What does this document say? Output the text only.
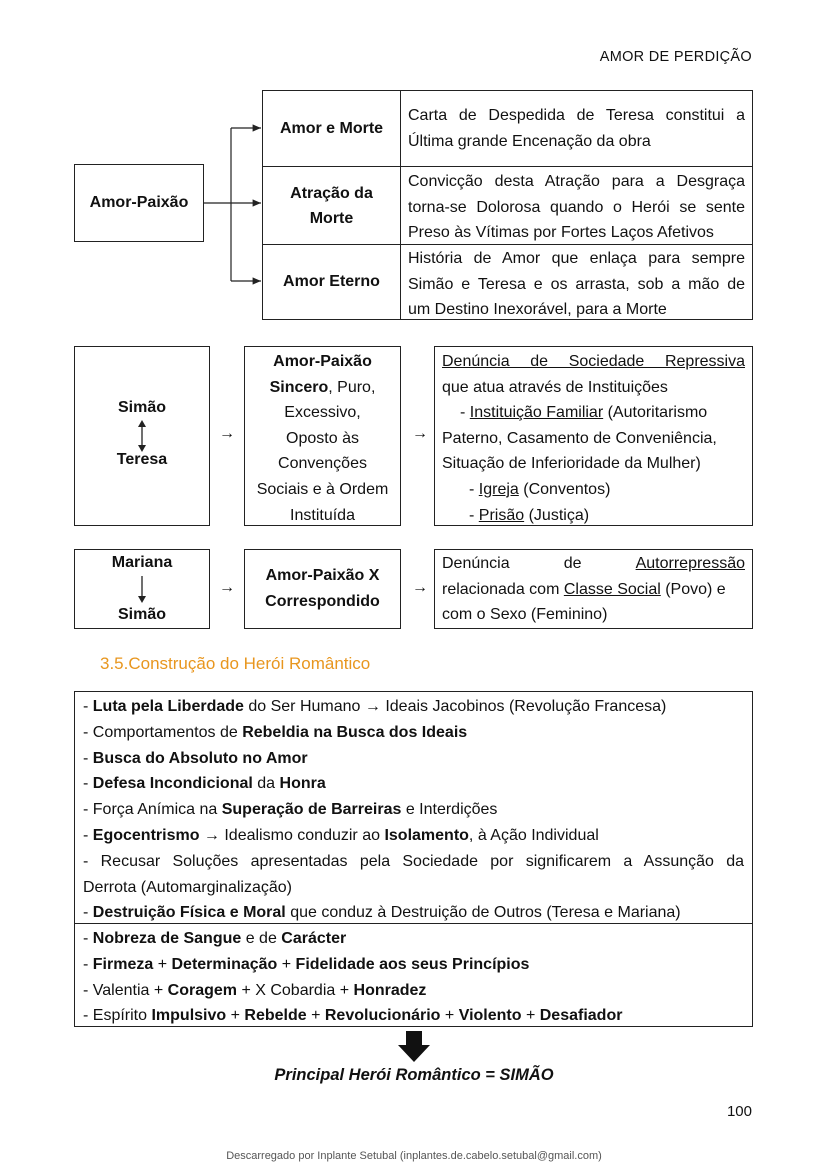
AMOR DE PERDIÇÃO
Amor-Paixão
Amor e Morte
Carta de Despedida de Teresa constitui a
Última grande Encenação da obra
Atração da
Morte
Convicção desta Atração para a Desgraça
torna-se Dolorosa quando o Herói se sente
Preso às Vítimas por Fortes Laços Afetivos
Amor Eterno
História de Amor que enlaça para sempre
Simão e Teresa e os arrasta, sob a mão de
um Destino Inexorável, para a Morte
Simão
Teresa
→
Amor-Paixão
Sincero, Puro,
Excessivo,
Oposto às
Convenções
Sociais e à Ordem
Instituída
→
Denúncia de Sociedade Repressiva
que atua através de Instituições
- Instituição Familiar (Autoritarismo
Paterno, Casamento de Conveniência,
Situação de Inferioridade da Mulher)
- Igreja (Conventos)
- Prisão (Justiça)
Mariana
Simão
→
Amor-Paixão X
Correspondido
→
Denúncia	de	Autorrepressão
relacionada com Classe Social (Povo) e
com o Sexo (Feminino)
3.5.Construção do Herói Romântico
- Luta pela Liberdade do Ser Humano → Ideais Jacobinos (Revolução Francesa)
- Comportamentos de Rebeldia na Busca dos Ideais
- Busca do Absoluto no Amor
- Defesa Incondicional da Honra
- Força Anímica na Superação de Barreiras e Interdições
- Egocentrismo → Idealismo conduzir ao Isolamento, à Ação Individual
- Recusar Soluções apresentadas pela Sociedade por significarem a Assunção da
Derrota (Automarginalização)
- Destruição Física e Moral que conduz à Destruição de Outros (Teresa e Mariana)
- Nobreza de Sangue e de Carácter
- Firmeza + Determinação + Fidelidade aos seus Princípios
- Valentia + Coragem + X Cobardia + Honradez
- Espírito Impulsivo + Rebelde + Revolucionário + Violento + Desafiador
Principal Herói Romântico = SIMÃO
100
Descarregado por Inplante Setubal (inplantes.de.cabelo.setubal@gmail.com)
